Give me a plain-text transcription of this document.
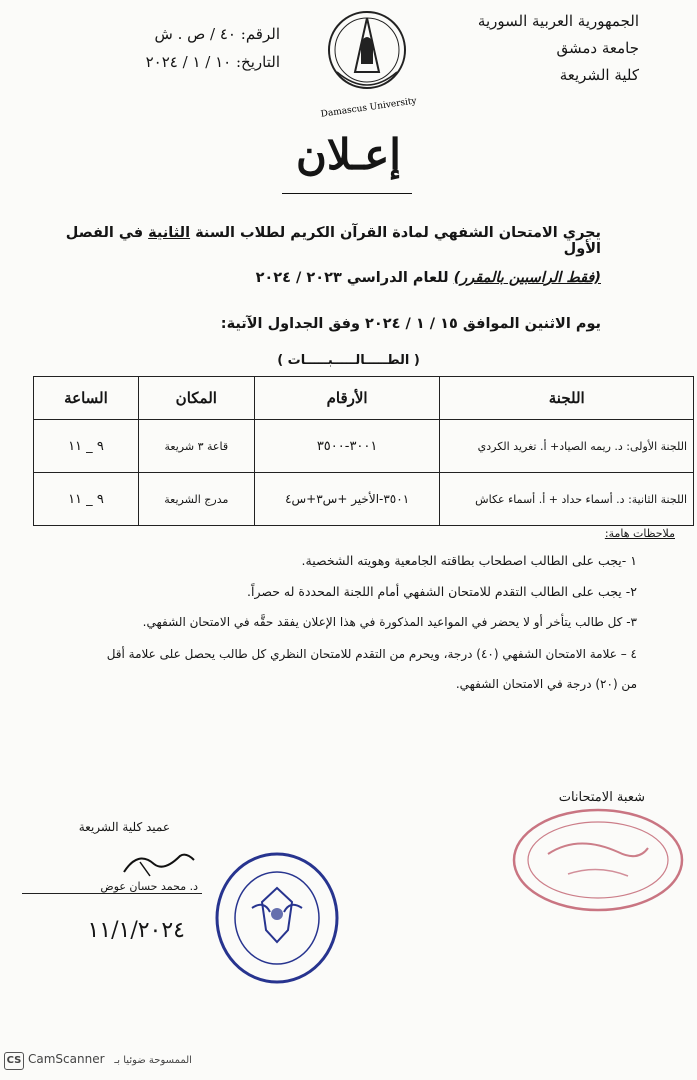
الجمهورية العربية السورية
جامعة دمشق
كلية الشريعة
Damascus University
الرقم: ٤٠ / ص . ش
التاريخ: ١٠ / ١ / ٢٠٢٤
إعـلان
يجري الامتحان الشفهي لمادة القرآن الكريم لطلاب السنة الثانية في الفصل الأول
(فقط الراسبين بالمقرر) للعام الدراسي ٢٠٢٣ / ٢٠٢٤
يوم الاثنين الموافق ١٥ / ١ / ٢٠٢٤ وفق الجداول الآتية:
( الطـــــالـــــبـــــات )
اللجنة	الأرقام	المكان	الساعة
اللجنة الأولى: د. ريمه الصياد+ أ. تغريد الكردي	٣٠٠١-٣٥٠٠	قاعة ٣ شريعة	٩ _ ١١
اللجنة الثانية: د. أسماء حداد + أ. أسماء عكاش	٣٥٠١-الأخير +س٣+س٤	مدرج الشريعة	٩ _ ١١
ملاحظات هامة:
١ -يجب على الطالب اصطحاب بطاقته الجامعية وهويته الشخصية.
٢- يجب على الطالب التقدم للامتحان الشفهي أمام اللجنة المحددة له حصراً.
٣- كل طالب يتأخر أو لا يحضر في المواعيد المذكورة في هذا الإعلان يفقد حقَّه في الامتحان الشفهي.
٤ – علامة الامتحان الشفهي (٤٠) درجة، ويحرم من التقدم للامتحان النظري كل طالب يحصل على علامة أقل
من (٢٠) درجة في الامتحان الشفهي.
شعبة الامتحانات
عميد كلية الشريعة
د. محمد حسان عوض
١١/١/٢٠٢٤
CS CamScanner الممسوحة ضوئيا بـ
